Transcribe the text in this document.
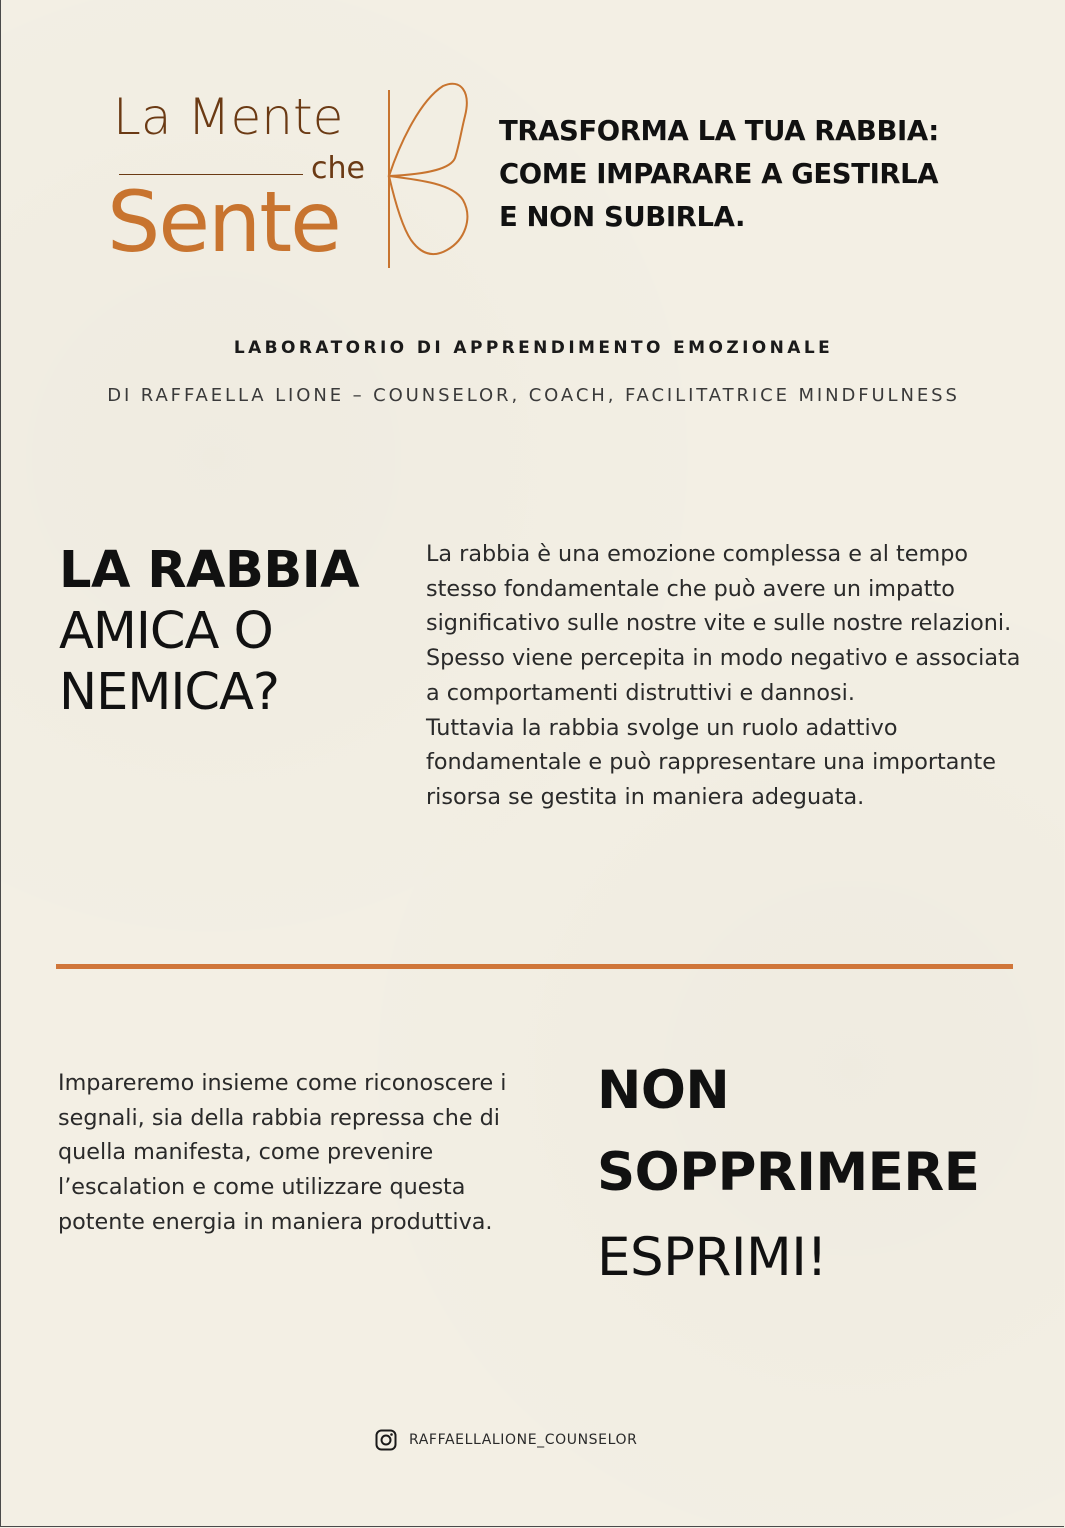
La Mente
che
Sente
TRASFORMA LA TUA RABBIA:
COME IMPARARE A GESTIRLA
E NON SUBIRLA.
LABORATORIO DI APPRENDIMENTO EMOZIONALE
DI RAFFAELLA LIONE – COUNSELOR, COACH, FACILITATRICE MINDFULNESS
LA RABBIA
AMICA O
NEMICA?

La rabbia è una emozione complessa e al tempo stesso fondamentale che può avere un impatto significativo sulle nostre vite e sulle nostre relazioni. Spesso viene percepita in modo negativo e associata a comportamenti distruttivi e dannosi.

Tuttavia la rabbia svolge un ruolo adattivo fondamentale e può rappresentare una importante risorsa se gestita in maniera adeguata.

Impareremo insieme come riconoscere i segnali, sia della rabbia repressa che di quella manifesta, come prevenire l’escalation e come utilizzare questa potente energia in maniera produttiva.
NON
SOPPRIMERE
ESPRIMI!
RAFFAELLALIONE_COUNSELOR
